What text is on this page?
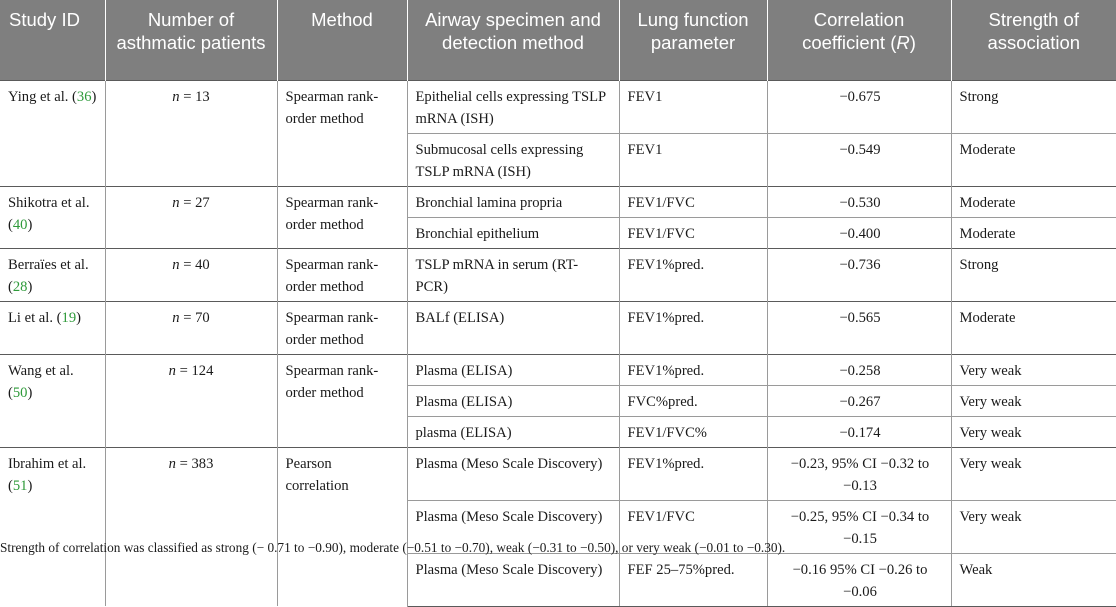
Study ID	Number of asthmatic patients	Method	Airway specimen and detection method	Lung function parameter	Correlation coefficient (R)	Strength of association
Ying et al. (36)	n = 13	Spearman rank-order method	Epithelial cells expressing TSLP mRNA (ISH)	FEV1	−0.675	Strong
			Submucosal cells expressing TSLP mRNA (ISH)	FEV1	−0.549	Moderate
Shikotra et al. (40)	n = 27	Spearman rank-order method	Bronchial lamina propria	FEV1/FVC	−0.530	Moderate
			Bronchial epithelium	FEV1/FVC	−0.400	Moderate
Berraïes et al. (28)	n = 40	Spearman rank-order method	TSLP mRNA in serum (RT-PCR)	FEV1%pred.	−0.736	Strong
Li et al. (19)	n = 70	Spearman rank-order method	BALf (ELISA)	FEV1%pred.	−0.565	Moderate
Wang et al. (50)	n = 124	Spearman rank-order method	Plasma (ELISA)	FEV1%pred.	−0.258	Very weak
			Plasma (ELISA)	FVC%pred.	−0.267	Very weak
			plasma (ELISA)	FEV1/FVC%	−0.174	Very weak
Ibrahim et al. (51)	n = 383	Pearson correlation	Plasma (Meso Scale Discovery)	FEV1%pred.	−0.23, 95% CI −0.32 to −0.13	Very weak
			Plasma (Meso Scale Discovery)	FEV1/FVC	−0.25, 95% CI −0.34 to −0.15	Very weak
			Plasma (Meso Scale Discovery)	FEF 25–75%pred.	−0.16 95% CI −0.26 to −0.06	Weak
Strength of correlation was classified as strong (− 0.71 to −0.90), moderate (−0.51 to −0.70), weak (−0.31 to −0.50), or very weak (−0.01 to −0.30).
